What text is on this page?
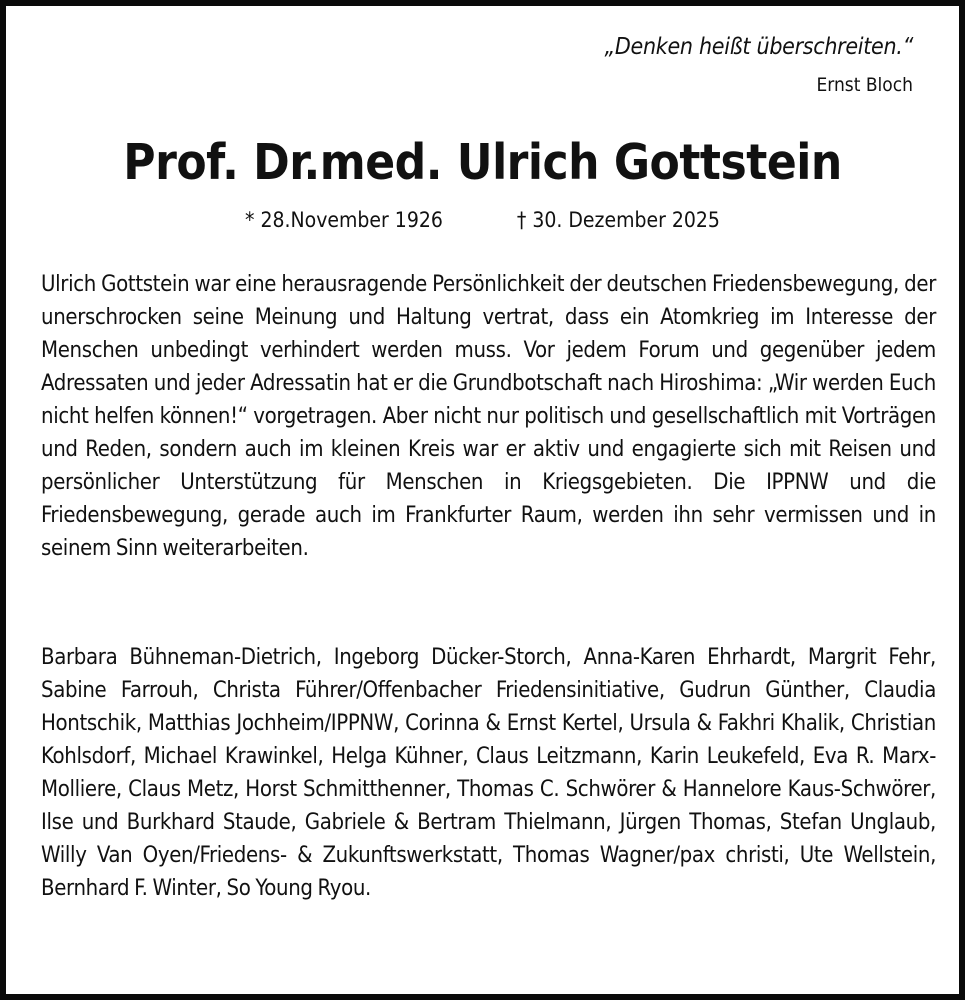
„Denken heißt überschreiten.“
Ernst Bloch
Prof. Dr.med. Ulrich Gottstein
* 28.November 1926	† 30. Dezember 2025

Ulrich Gottstein war eine herausragende Persönlichkeit der deutschen Friedensbewegung, der unerschrocken seine Meinung und Haltung vertrat, dass ein Atomkrieg im Interesse der Menschen unbedingt verhindert werden muss. Vor jedem Forum und gegenüber jedem Adressaten und jeder Adressatin hat er die Grundbotschaft nach Hiroshima: „Wir werden Euch nicht helfen können!“ vorgetragen. Aber nicht nur politisch und gesellschaftlich mit Vorträgen und Reden, sondern auch im kleinen Kreis war er aktiv und engagierte sich mit Reisen und persönlicher Unterstützung für Menschen in Kriegsgebieten. Die IPPNW und die Friedensbewegung, gerade auch im Frankfurter Raum, werden ihn sehr vermissen und in seinem Sinn weiterarbeiten.

Barbara Bühneman-Dietrich, Ingeborg Dücker-Storch, Anna-Karen Ehrhardt, Margrit Fehr, Sabine Farrouh, Christa Führer/Offenbacher Friedensinitiative, Gudrun Günther, Claudia Hontschik, Matthias Jochheim/IPPNW, Corinna & Ernst Kertel, Ursula & Fakhri Khalik, Christian Kohlsdorf, Michael Krawinkel, Helga Kühner, Claus Leitzmann, Karin Leukefeld, Eva R. Marx-Molliere, Claus Metz, Horst Schmitthenner, Thomas C. Schwörer & Hannelore Kaus-Schwörer, Ilse und Burkhard Staude, Gabriele & Bertram Thielmann, Jürgen Thomas, Stefan Unglaub, Willy Van Oyen/Friedens- & Zukunftswerkstatt, Thomas Wagner/pax christi, Ute Wellstein, Bernhard F. Winter, So Young Ryou.
